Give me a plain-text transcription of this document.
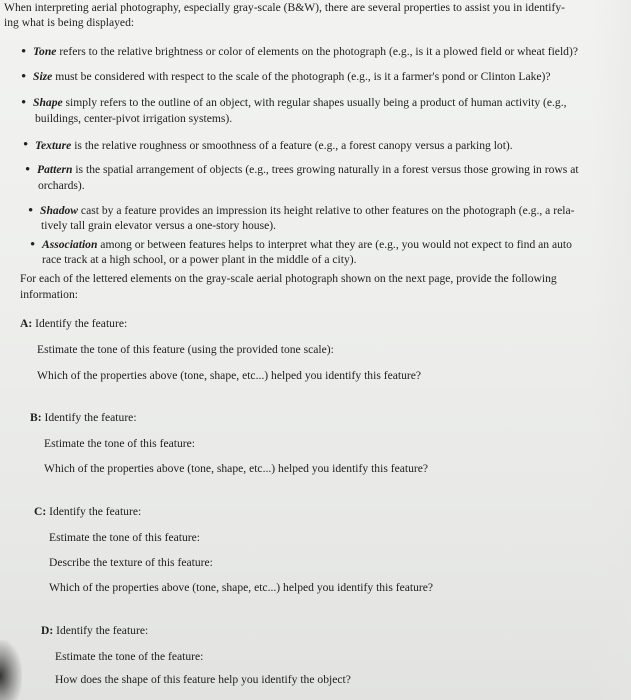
When interpreting aerial photography, especially gray-scale (B&W), there are several properties to assist you in identify-
ing what is being displayed:
• Tone refers to the relative brightness or color of elements on the photograph (e.g., is it a plowed field or wheat field)?
• Size must be considered with respect to the scale of the photograph (e.g., is it a farmer's pond or Clinton Lake)?
• Shape simply refers to the outline of an object, with regular shapes usually being a product of human activity (e.g.,
buildings, center-pivot irrigation systems).
• Texture is the relative roughness or smoothness of a feature (e.g., a forest canopy versus a parking lot).
• Pattern is the spatial arrangement of objects (e.g., trees growing naturally in a forest versus those growing in rows at
orchards).
• Shadow cast by a feature provides an impression its height relative to other features on the photograph (e.g., a rela-
tively tall grain elevator versus a one-story house).
• Association among or between features helps to interpret what they are (e.g., you would not expect to find an auto
race track at a high school, or a power plant in the middle of a city).
For each of the lettered elements on the gray-scale aerial photograph shown on the next page, provide the following
information:
A: Identify the feature:
Estimate the tone of this feature (using the provided tone scale):
Which of the properties above (tone, shape, etc...) helped you identify this feature?
B: Identify the feature:
Estimate the tone of this feature:
Which of the properties above (tone, shape, etc...) helped you identify this feature?
C: Identify the feature:
Estimate the tone of this feature:
Describe the texture of this feature:
Which of the properties above (tone, shape, etc...) helped you identify this feature?
D: Identify the feature:
Estimate the tone of the feature:
How does the shape of this feature help you identify the object?
